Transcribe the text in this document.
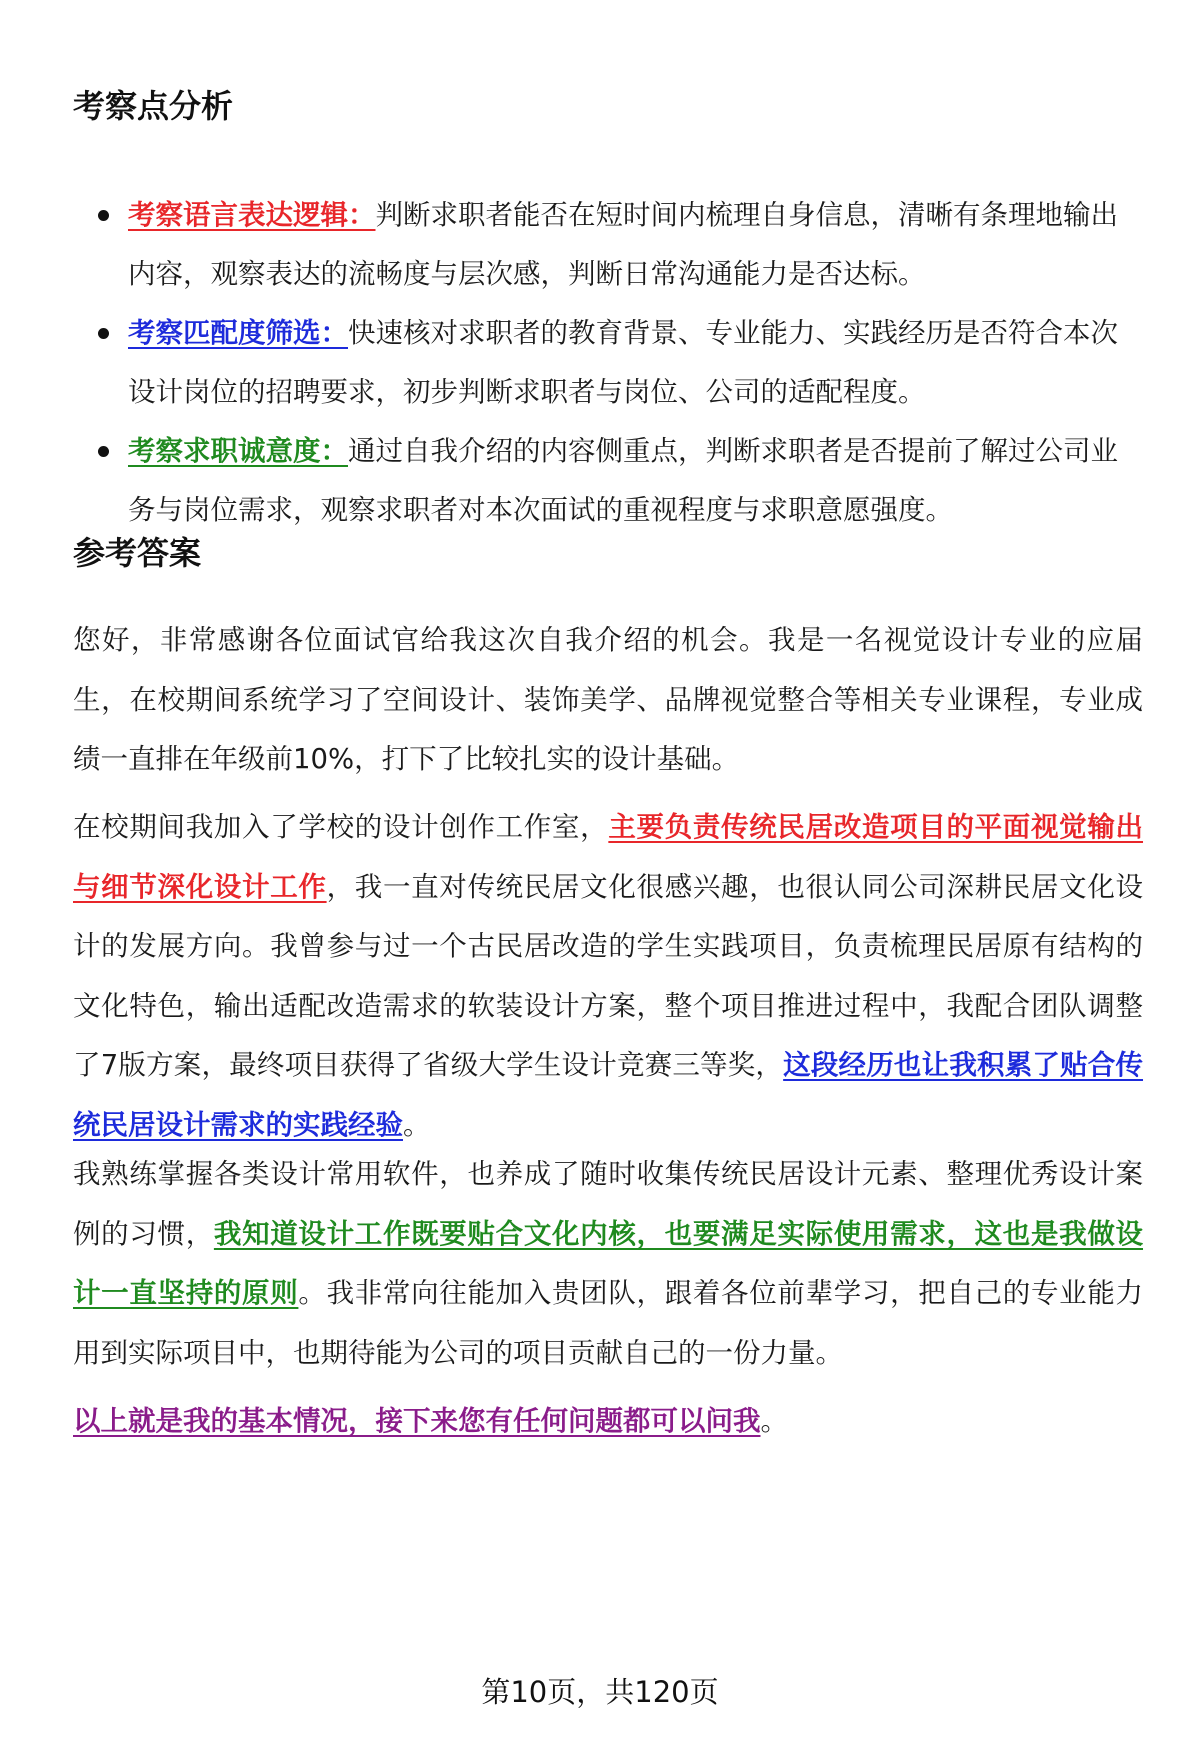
考察点分析
考察语言表达逻辑：判断求职者能否在短时间内梳理自身信息，清晰有条理地输出内容，观察表达的流畅度与层次感，判断日常沟通能力是否达标。
考察匹配度筛选：快速核对求职者的教育背景、专业能力、实践经历是否符合本次设计岗位的招聘要求，初步判断求职者与岗位、公司的适配程度。
考察求职诚意度：通过自我介绍的内容侧重点，判断求职者是否提前了解过公司业务与岗位需求，观察求职者对本次面试的重视程度与求职意愿强度。
参考答案

您好，非常感谢各位面试官给我这次自我介绍的机会。我是一名视觉设计专业的应届生，在校期间系统学习了空间设计、装饰美学、品牌视觉整合等相关专业课程，专业成绩一直排在年级前10%，打下了比较扎实的设计基础。

在校期间我加入了学校的设计创作工作室，主要负责传统民居改造项目的平面视觉输出与细节深化设计工作，我一直对传统民居文化很感兴趣，也很认同公司深耕民居文化设计的发展方向。我曾参与过一个古民居改造的学生实践项目，负责梳理民居原有结构的文化特色，输出适配改造需求的软装设计方案，整个项目推进过程中，我配合团队调整了7版方案，最终项目获得了省级大学生设计竞赛三等奖，这段经历也让我积累了贴合传统民居设计需求的实践经验。

我熟练掌握各类设计常用软件，也养成了随时收集传统民居设计元素、整理优秀设计案例的习惯，我知道设计工作既要贴合文化内核，也要满足实际使用需求，这也是我做设计一直坚持的原则。我非常向往能加入贵团队，跟着各位前辈学习，把自己的专业能力用到实际项目中，也期待能为公司的项目贡献自己的一份力量。

以上就是我的基本情况，接下来您有任何问题都可以问我。

第10页，共120页
